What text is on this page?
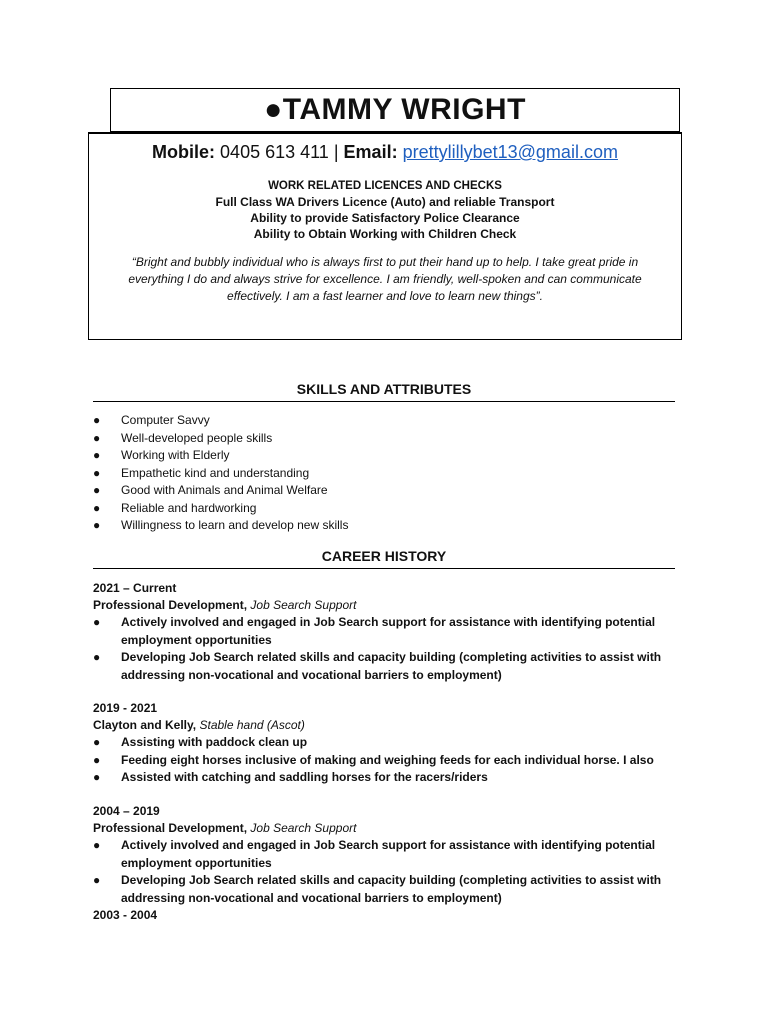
●TAMMY WRIGHT
Mobile: 0405 613 411 | Email: prettylillybet13@gmail.com
WORK RELATED LICENCES AND CHECKS
Full Class WA Drivers Licence (Auto) and reliable Transport
Ability to provide Satisfactory Police Clearance
Ability to Obtain Working with Children Check
“Bright and bubbly individual who is always first to put their hand up to help. I take great pride in everything I do and always strive for excellence. I am friendly, well-spoken and can communicate effectively. I am a fast learner and love to learn new things”.
SKILLS AND ATTRIBUTES
● Computer Savvy
● Well-developed people skills
● Working with Elderly
● Empathetic kind and understanding
● Good with Animals and Animal Welfare
● Reliable and hardworking
● Willingness to learn and develop new skills
CAREER HISTORY
2021 – Current
Professional Development, Job Search Support
● Actively involved and engaged in Job Search support for assistance with identifying potential employment opportunities
● Developing Job Search related skills and capacity building (completing activities to assist with addressing non-vocational and vocational barriers to employment)
2019 - 2021
Clayton and Kelly, Stable hand (Ascot)
● Assisting with paddock clean up
● Feeding eight horses inclusive of making and weighing feeds for each individual horse. I also
● Assisted with catching and saddling horses for the racers/riders
2004 – 2019
Professional Development, Job Search Support
● Actively involved and engaged in Job Search support for assistance with identifying potential employment opportunities
● Developing Job Search related skills and capacity building (completing activities to assist with addressing non-vocational and vocational barriers to employment)
2003 - 2004
